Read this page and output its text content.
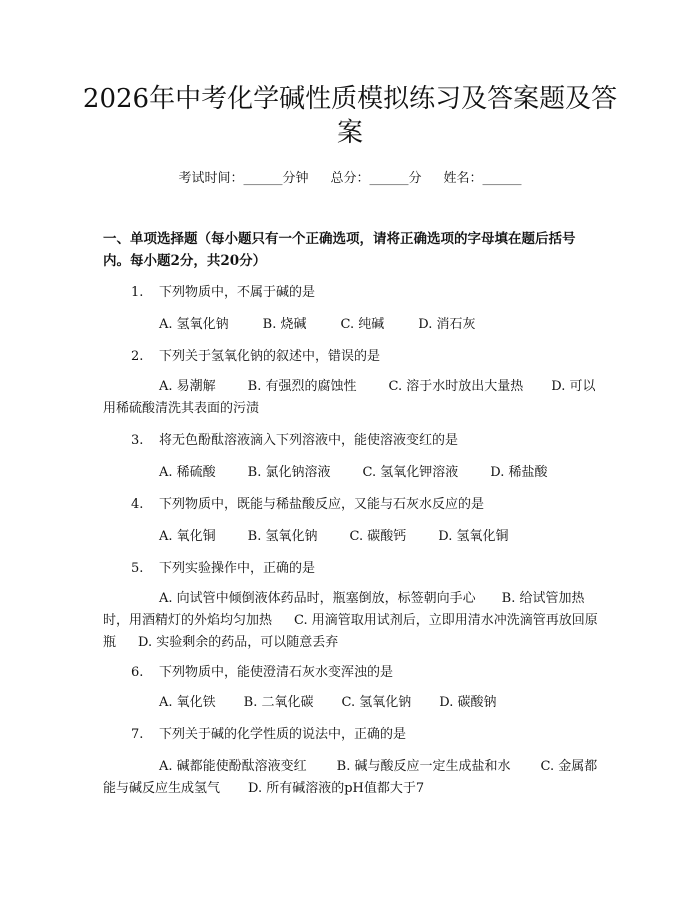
2026年中考化学碱性质模拟练习及答案题及答案
考试时间：______分钟 总分：______分 姓名：______

一、单项选择题（每小题只有一个正确选项，请将正确选项的字母填在题后括号内。每小题2分，共20分）

1. 下列物质中，不属于碱的是
A. 氢氧化钠	B. 烧碱	C. 纯碱	D. 消石灰
2. 下列关于氢氧化钠的叙述中，错误的是
A. 易潮解 B. 有强烈的腐蚀性 C. 溶于水时放出大量热 D. 可以用稀硫酸清洗其表面的污渍
3. 将无色酚酞溶液滴入下列溶液中，能使溶液变红的是
A. 稀硫酸 B. 氯化钠溶液 C. 氢氧化钾溶液 D. 稀盐酸
4. 下列物质中，既能与稀盐酸反应，又能与石灰水反应的是
A. 氧化铜 B. 氢氧化钠 C. 碳酸钙 D. 氢氧化铜
5. 下列实验操作中，正确的是
A. 向试管中倾倒液体药品时，瓶塞倒放，标签朝向手心 B. 给试管加热时，用酒精灯的外焰均匀加热 C. 用滴管取用试剂后，立即用清水冲洗滴管再放回原瓶 D. 实验剩余的药品，可以随意丢弃
6. 下列物质中，能使澄清石灰水变浑浊的是
A. 氧化铁 B. 二氧化碳 C. 氢氧化钠 D. 碳酸钠
7. 下列关于碱的化学性质的说法中，正确的是
A. 碱都能使酚酞溶液变红 B. 碱与酸反应一定生成盐和水 C. 金属都能与碱反应生成氢气 D. 所有碱溶液的pH值都大于7
